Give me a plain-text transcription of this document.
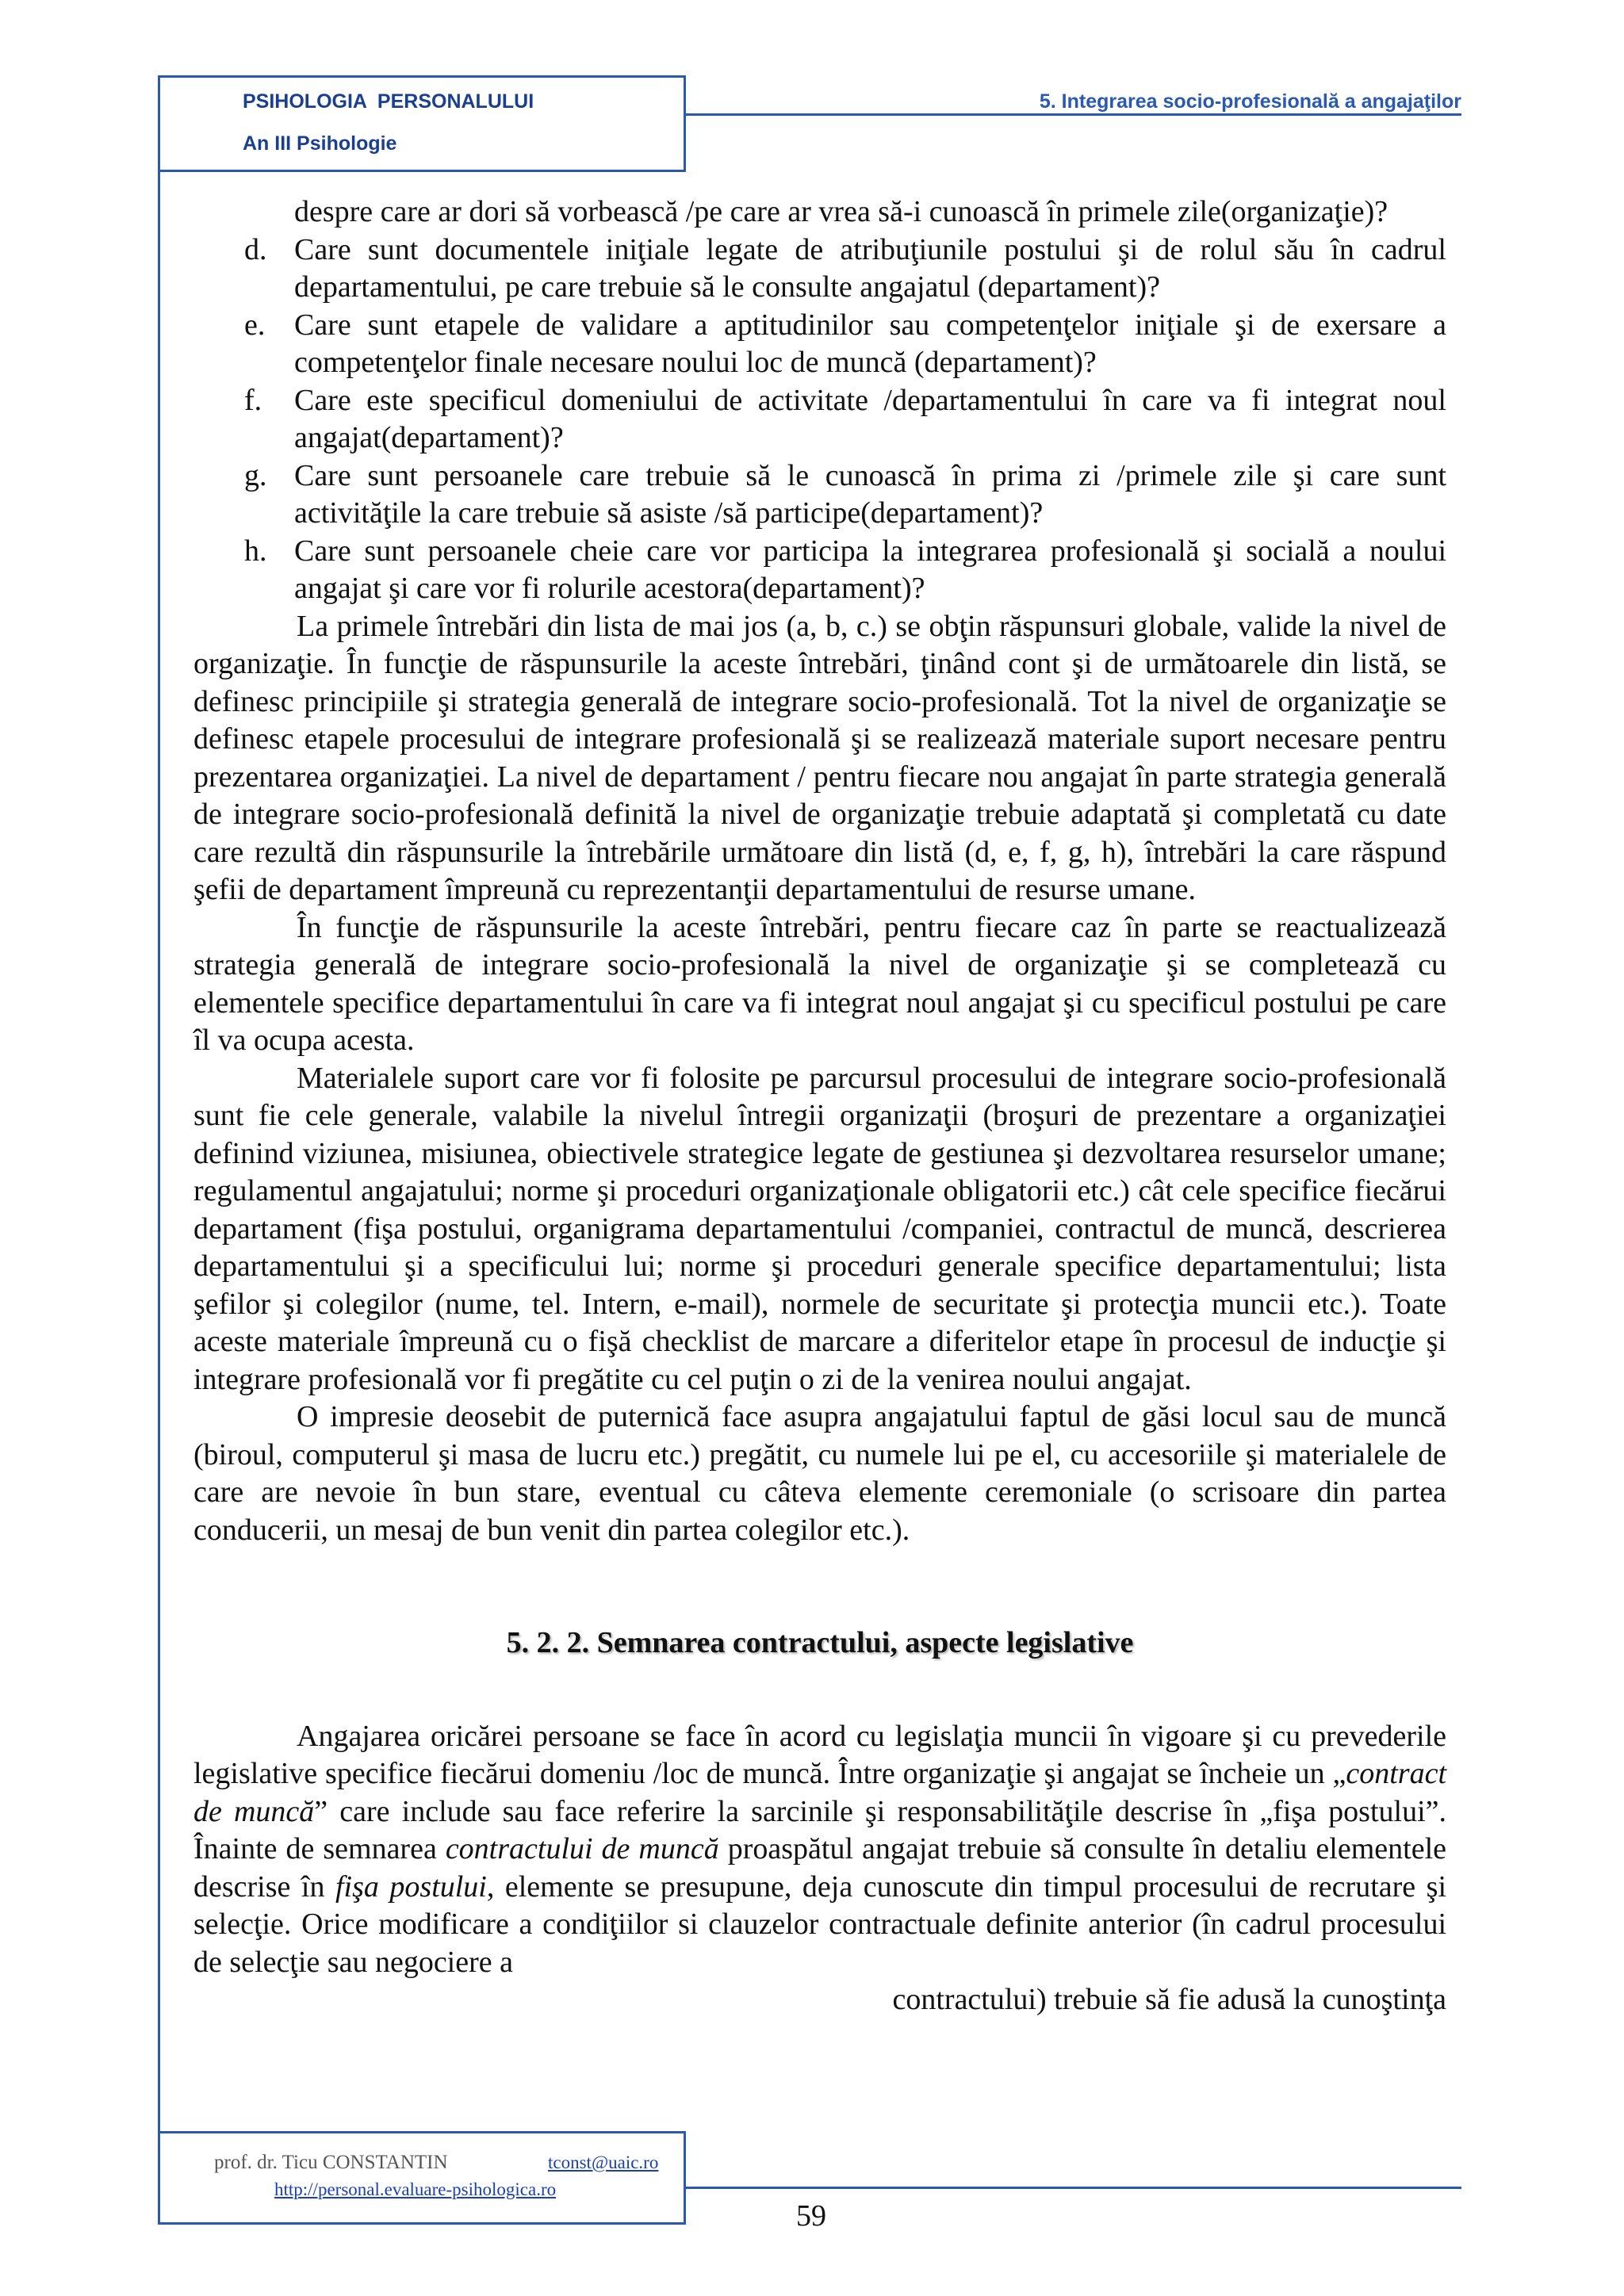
PSIHOLOGIA  PERSONALULUI
An III Psihologie
5. Integrarea socio-profesională a angajaţilor

despre care ar dori să vorbească /pe care ar vrea să-i cunoască în primele zile(organizaţie)?

d. Care sunt documentele iniţiale legate de atribuţiunile postului şi de rolul său în cadrul departamentului, pe care trebuie să le consulte angajatul (departament)?
e. Care sunt etapele de validare a aptitudinilor sau competenţelor iniţiale şi de exersare a competenţelor finale necesare noului loc de muncă (departament)?
f. Care este specificul domeniului de activitate /departamentului în care va fi integrat noul angajat(departament)?
g. Care sunt persoanele care trebuie să le cunoască în prima zi /primele zile şi care sunt activităţile la care trebuie să asiste /să participe(departament)?
h. Care sunt persoanele cheie care vor participa la integrarea profesională şi socială a noului angajat şi care vor fi rolurile acestora(departament)?

La primele întrebări din lista de mai jos (a, b, c.) se obţin răspunsuri globale, valide la nivel de organizaţie. În funcţie de răspunsurile la aceste întrebări, ţinând cont şi de următoarele din listă, se definesc principiile şi strategia generală de integrare socio-profesională. Tot la nivel de organizaţie se definesc etapele procesului de integrare profesională şi se realizează materiale suport necesare pentru prezentarea organizaţiei. La nivel de departament / pentru fiecare nou angajat în parte strategia generală de integrare socio-profesională definită la nivel de organizaţie trebuie adaptată şi completată cu date care rezultă din răspunsurile la întrebările următoare din listă (d, e, f, g, h), întrebări la care răspund şefii de departament împreună cu reprezentanţii departamentului de resurse umane.

În funcţie de răspunsurile la aceste întrebări, pentru fiecare caz în parte se reactualizează strategia generală de integrare socio-profesională la nivel de organizaţie şi se completează cu elementele specifice departamentului în care va fi integrat noul angajat şi cu specificul postului pe care îl va ocupa acesta.

Materialele suport care vor fi folosite pe parcursul procesului de integrare socio-profesională sunt fie cele generale, valabile la nivelul întregii organizaţii (broşuri de prezentare a organizaţiei definind viziunea, misiunea, obiectivele strategice legate de gestiunea şi dezvoltarea resurselor umane; regulamentul angajatului; norme şi proceduri organizaţionale obligatorii etc.) cât cele specifice fiecărui departament (fişa postului, organigrama departamentului /companiei, contractul de muncă, descrierea departamentului şi a specificului lui; norme şi proceduri generale specifice departamentului; lista şefilor şi colegilor (nume, tel. Intern, e-mail), normele de securitate şi protecţia muncii etc.). Toate aceste materiale împreună cu o fişă checklist de marcare a diferitelor etape în procesul de inducţie şi integrare profesională vor fi pregătite cu cel puţin o zi de la venirea noului angajat.

O impresie deosebit de puternică face asupra angajatului faptul de găsi locul sau de muncă (biroul, computerul şi masa de lucru etc.) pregătit, cu numele lui pe el, cu accesoriile şi materialele de care are nevoie în bun stare, eventual cu câteva elemente ceremoniale (o scrisoare din partea conducerii, un mesaj de bun venit din partea colegilor etc.).

5. 2. 2. Semnarea contractului, aspecte legislative

Angajarea oricărei persoane se face în acord cu legislaţia muncii în vigoare şi cu prevederile legislative specifice fiecărui domeniu /loc de muncă. Între organizaţie şi angajat se încheie un „contract de muncă” care include sau face referire la sarcinile şi responsabilităţile descrise în „fişa postului”. Înainte de semnarea contractului de muncă proaspătul angajat trebuie să consulte în detaliu elementele descrise în fişa postului, elemente se presupune, deja cunoscute din timpul procesului de recrutare şi selecţie. Orice modificare a condiţiilor si clauzelor contractuale definite anterior (în cadrul procesului de selecţie sau negociere a

contractului) trebuie să fie adusă la cunoştinţa

prof. dr. Ticu CONSTANTIN	tconst@uaic.ro
http://personal.evaluare-psihologica.ro
59
